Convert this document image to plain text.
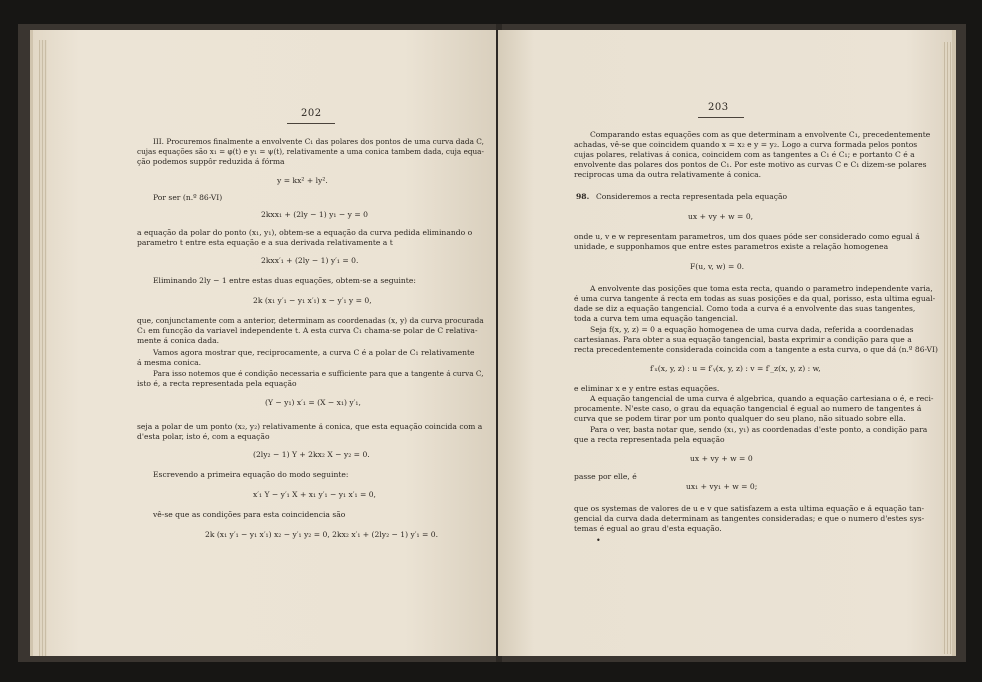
202
III. Procuremos finalmente a envolvente C₁ das polares dos pontos de uma curva dada C,
cujas equações são x₁ = φ(t) e y₁ = ψ(t), relativamente a uma conica tambem dada, cuja equa-
ção podemos suppôr reduzida á fórma
y = kx² + ly².
Por ser (n.º 86-VI)
2kxx₁ + (2ly − 1) y₁ − y = 0
a equação da polar do ponto (x₁, y₁), obtem-se a equação da curva pedida eliminando o
parametro t entre esta equação e a sua derivada relativamente a t
2kxx′₁ + (2ly − 1) y′₁ = 0.
Eliminando 2ly − 1 entre estas duas equações, obtem-se a seguinte:
2k (x₁ y′₁ − y₁ x′₁) x − y′₁ y = 0,
que, conjunctamente com a anterior, determinam as coordenadas (x, y) da curva procurada
C₁ em funcção da variavel independente t. A esta curva C₁ chama-se polar de C relativa-
mente á conica dada.
Vamos agora mostrar que, reciprocamente, a curva C é a polar de C₁ relativamente
á mesma conica.
Para isso notemos que é condição necessaria e sufficiente para que a tangente á curva C,
isto é, a recta representada pela equação
(Y − y₁) x′₁ = (X − x₁) y′₁,
seja a polar de um ponto (x₂, y₂) relativamente á conica, que esta equação coincida com a
d'esta polar, isto é, com a equação
(2ly₂ − 1) Y + 2kx₂ X − y₂ = 0.
Escrevendo a primeira equação do modo seguinte:
x′₁ Y − y′₁ X + x₁ y′₁ − y₁ x′₁ = 0,
vê-se que as condições para esta coincidencia são
2k (x₁ y′₁ − y₁ x′₁) x₂ − y′₁ y₂ = 0, 2kx₂ x′₁ + (2ly₂ − 1) y′₁ = 0.
203
Comparando estas equações com as que determinam a envolvente C₁, precedentemente
achadas, vê-se que coincidem quando x = x₂ e y = y₂. Logo a curva formada pelos pontos
cujas polares, relativas á conica, coincidem com as tangentes a C₁ é C₁; e portanto C é a
envolvente das polares dos pontos de C₁. Por este motivo as curvas C e C₁ dizem-se polares
reciprocas uma da outra relativamente á conica.
98. Consideremos a recta representada pela equação
ux + vy + w = 0,
onde u, v e w representam parametros, um dos quaes póde ser considerado como egual á
unidade, e supponhamos que entre estes parametros existe a relação homogenea
F(u, v, w) = 0.
A envolvente das posições que toma esta recta, quando o parametro independente varia,
é uma curva tangente á recta em todas as suas posições e da qual, porisso, esta ultima egual-
dade se diz a equação tangencial. Como toda a curva é a envolvente das suas tangentes,
toda a curva tem uma equação tangencial.
Seja f(x, y, z) = 0 a equação homogenea de uma curva dada, referida a coordenadas
cartesianas. Para obter a sua equação tangencial, basta exprimir a condição para que a
recta precedentemente considerada coincida com a tangente a esta curva, o que dá (n.º 86-VI)
f′ₓ(x, y, z) : u = f′ᵧ(x, y, z) : v = f′_z(x, y, z) : w,
e eliminar x e y entre estas equações.
A equação tangencial de uma curva é algebrica, quando a equação cartesiana o é, e reci-
procamente. N'este caso, o grau da equação tangencial é egual ao numero de tangentes á
curva que se podem tirar por um ponto qualquer do seu plano, não situado sobre ella.
Para o ver, basta notar que, sendo (x₁, y₁) as coordenadas d'este ponto, a condição para
que a recta representada pela equação
ux + vy + w = 0
passe por elle, é
ux₁ + vy₁ + w = 0;
que os systemas de valores de u e v que satisfazem a esta ultima equação e á equação tan-
gencial da curva dada determinam as tangentes consideradas; e que o numero d'estes sys-
temas é egual ao grau d'esta equação.
•
